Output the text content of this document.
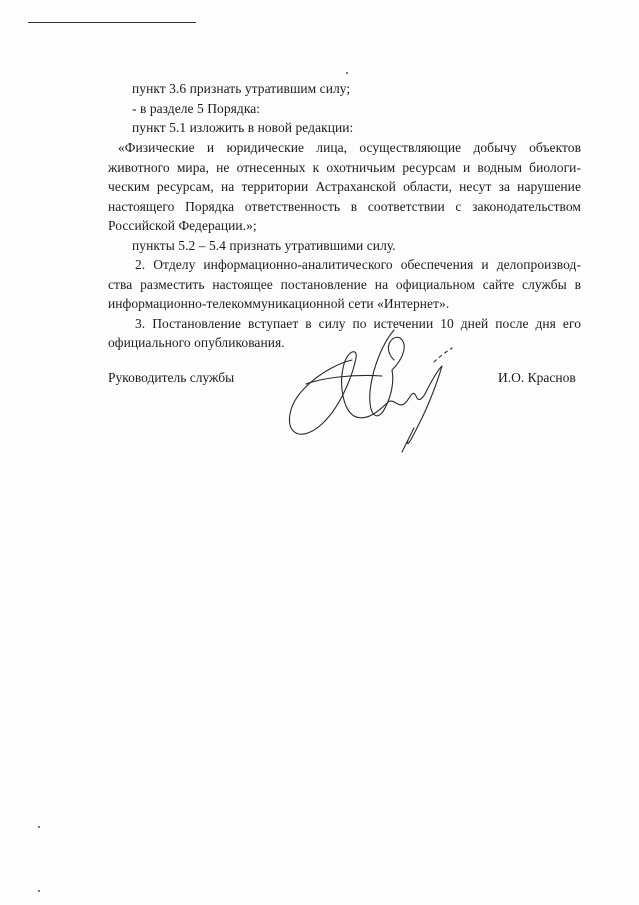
пункт 3.6 признать утратившим силу;
- в разделе 5 Порядка:
пункт 5.1 изложить в новой редакции:
«Физические и юридические лица, осуществляющие добычу объектов
животного мира, не отнесенных к охотничьим ресурсам и водным биологи-
ческим ресурсам, на территории Астраханской области, несут за нарушение
настоящего Порядка ответственность в соответствии с законодательством
Российской Федерации.»;
пункты 5.2 – 5.4 признать утратившими силу.
2. Отделу информационно-аналитического обеспечения и делопроизвод-
ства разместить настоящее постановление на официальном сайте службы в
информационно-телекоммуникационной сети «Интернет».
3. Постановление вступает в силу по истечении 10 дней после дня его
официального опубликования.
Руководитель службы	И.О. Краснов
